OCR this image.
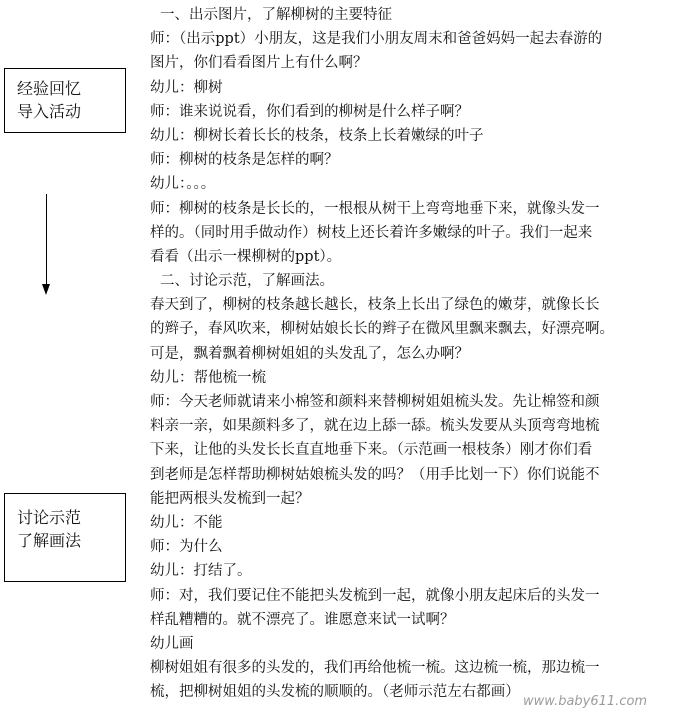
经验回忆
导入活动
讨论示范
了解画法
一、出示图片，了解柳树的主要特征
师：（出示ppt）小朋友，这是我们小朋友周末和爸爸妈妈一起去春游的
图片，你们看看图片上有什么啊？
幼儿：柳树
师：谁来说说看，你们看到的柳树是什么样子啊？
幼儿：柳树长着长长的枝条，枝条上长着嫩绿的叶子
师：柳树的枝条是怎样的啊？
幼儿：。。。
师：柳树的枝条是长长的，一根根从树干上弯弯地垂下来，就像头发一
样的。（同时用手做动作）树枝上还长着许多嫩绿的叶子。我们一起来
看看（出示一棵柳树的ppt）。
二、讨论示范，了解画法。
春天到了，柳树的枝条越长越长，枝条上长出了绿色的嫩芽，就像长长
的辫子，春风吹来，柳树姑娘长长的辫子在微风里飘来飘去，好漂亮啊。
可是，飘着飘着柳树姐姐的头发乱了，怎么办啊？
幼儿：帮他梳一梳
师：今天老师就请来小棉签和颜料来替柳树姐姐梳头发。先让棉签和颜
料亲一亲，如果颜料多了，就在边上舔一舔。梳头发要从头顶弯弯地梳
下来，让他的头发长长直直地垂下来。（示范画一根枝条）刚才你们看
到老师是怎样帮助柳树姑娘梳头发的吗？（用手比划一下）你们说能不
能把两根头发梳到一起？
幼儿：不能
师：为什么
幼儿：打结了。
师：对，我们要记住不能把头发梳到一起，就像小朋友起床后的头发一
样乱糟糟的。就不漂亮了。谁愿意来试一试啊？
幼儿画
柳树姐姐有很多的头发的，我们再给他梳一梳。这边梳一梳，那边梳一
梳，把柳树姐姐的头发梳的顺顺的。（老师示范左右都画）
www.baby611.com
